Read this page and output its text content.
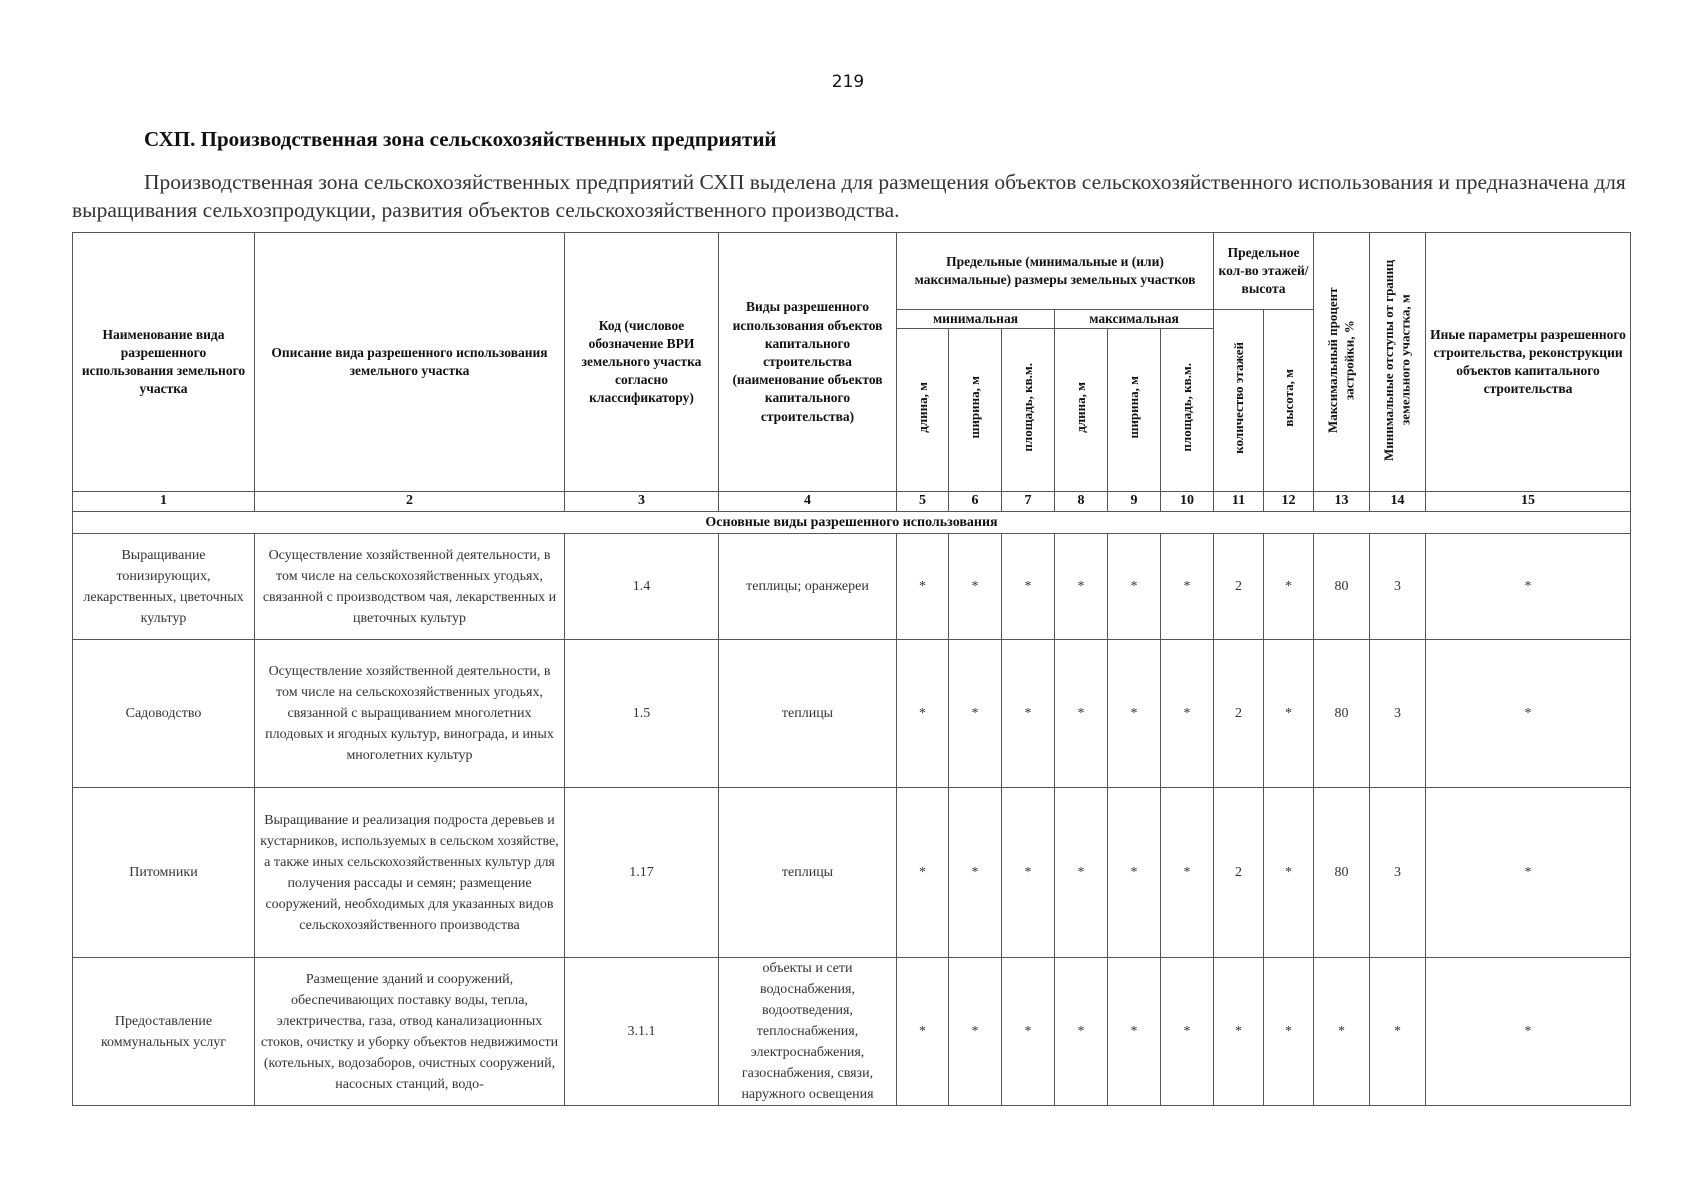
219
СХП. Производственная зона сельскохозяйственных предприятий
Производственная зона сельскохозяйственных предприятий СХП выделена для размещения объектов сельскохозяйственного использования и предназначена для выращивания сельхозпродукции, развития объектов сельскохозяйственного производства.
Наименование вида разрешенного использования земельного участка	Описание вида разрешенного использования земельного участка	Код (числовое обозначение ВРИ земельного участка согласно классификатору)	Виды разрешенного использования объектов капитального строительства (наименование объектов капитального строительства)	Предельные (минимальные и (или) максимальные) размеры земельных участков						Предельное кол-во этажей/ высота		Максимальный процент застройки, %	Минимальные отступы от границ земельного участка, м	Иные параметры разрешенного строительства, реконструкции объектов капитального строительства
				минимальная			максимальная			количество этажей	высота, м			
				длина, м	ширина, м	площадь, кв.м.	длина, м	ширина, м	площадь, кв.м.					
1	2	3	4	5	6	7	8	9	10	11	12	13	14	15
Основные виды разрешенного использования														
Выращивание тонизирующих, лекарственных, цветочных культур	Осуществление хозяйственной деятельности, в том числе на сельскохозяйственных угодьях, связанной с производством чая, лекарственных и цветочных культур	1.4	теплицы; оранжереи	*	*	*	*	*	*	2	*	80	3	*
Садоводство	Осуществление хозяйственной деятельности, в том числе на сельскохозяйственных угодьях, связанной с выращиванием многолетних плодовых и ягодных культур, винограда, и иных многолетних культур	1.5	теплицы	*	*	*	*	*	*	2	*	80	3	*
Питомники	Выращивание и реализация подроста деревьев и кустарников, используемых в сельском хозяйстве, а также иных сельскохозяйственных культур для получения рассады и семян; размещение сооружений, необходимых для указанных видов сельскохозяйственного производства	1.17	теплицы	*	*	*	*	*	*	2	*	80	3	*
Предоставление коммунальных услуг	Размещение зданий и сооружений, обеспечивающих поставку воды, тепла, электричества, газа, отвод канализационных стоков, очистку и уборку объектов недвижимости (котельных, водозаборов, очистных сооружений, насосных станций, водо-	3.1.1	объекты и сети водоснабжения, водоотведения, теплоснабжения, электроснабжения, газоснабжения, связи, наружного освещения	*	*	*	*	*	*	*	*	*	*	*
